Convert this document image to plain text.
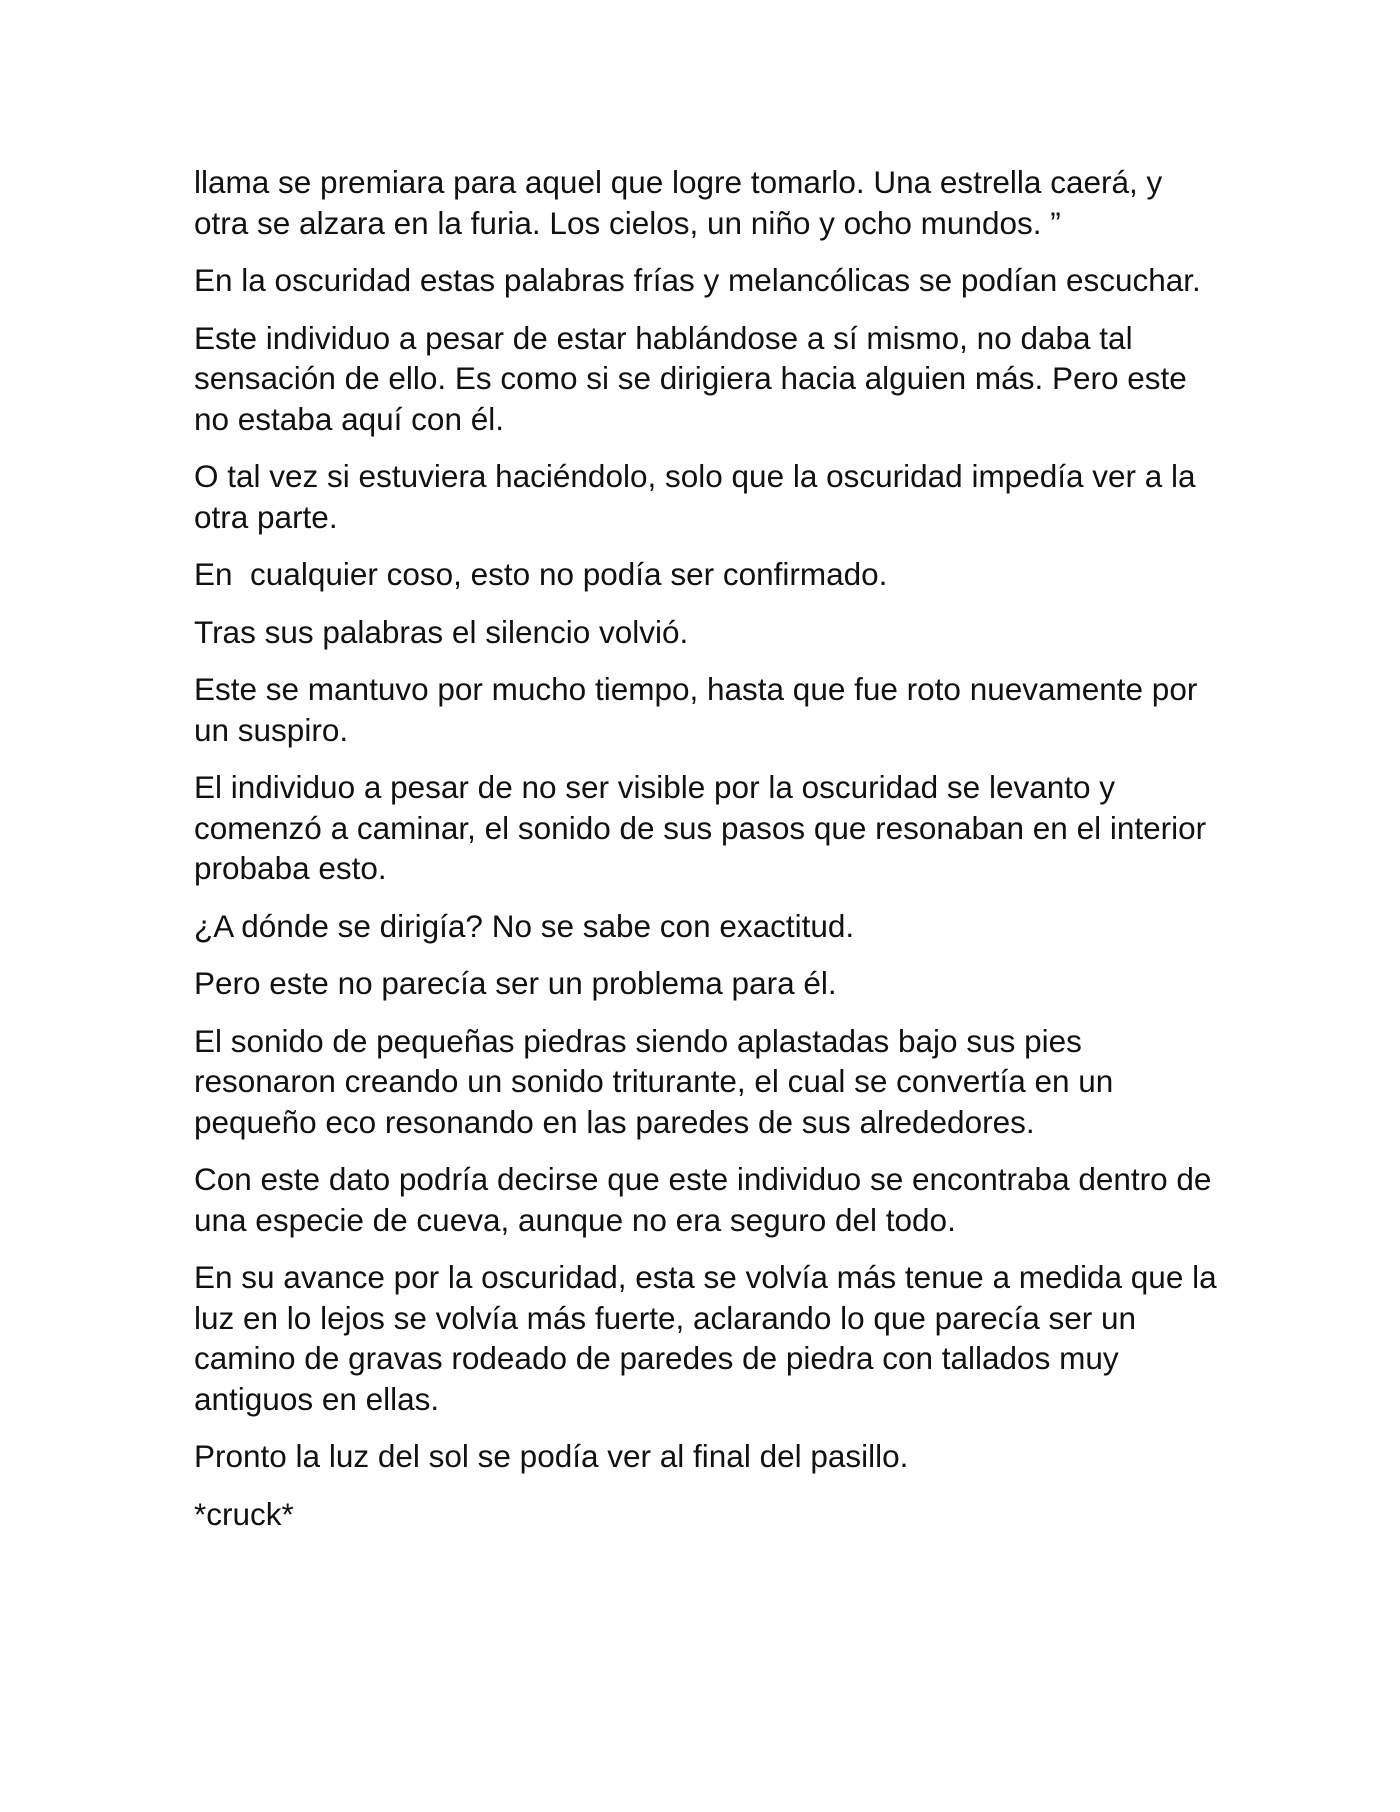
llama se premiara para aquel que logre tomarlo. Una estrella caerá, y otra se alzara en la furia. Los cielos, un niño y ocho mundos. ”

En la oscuridad estas palabras frías y melancólicas se podían escuchar.

Este individuo a pesar de estar hablándose a sí mismo, no daba tal sensación de ello. Es como si se dirigiera hacia alguien más. Pero este no estaba aquí con él.

O tal vez si estuviera haciéndolo, solo que la oscuridad impedía ver a la otra parte.

En  cualquier coso, esto no podía ser confirmado.

Tras sus palabras el silencio volvió.

Este se mantuvo por mucho tiempo, hasta que fue roto nuevamente por un suspiro.

El individuo a pesar de no ser visible por la oscuridad se levanto y comenzó a caminar, el sonido de sus pasos que resonaban en el interior probaba esto.

¿A dónde se dirigía? No se sabe con exactitud.

Pero este no parecía ser un problema para él.

El sonido de pequeñas piedras siendo aplastadas bajo sus pies resonaron creando un sonido triturante, el cual se convertía en un pequeño eco resonando en las paredes de sus alrededores.

Con este dato podría decirse que este individuo se encontraba dentro de una especie de cueva, aunque no era seguro del todo.

En su avance por la oscuridad, esta se volvía más tenue a medida que la luz en lo lejos se volvía más fuerte, aclarando lo que parecía ser un camino de gravas rodeado de paredes de piedra con tallados muy antiguos en ellas.

Pronto la luz del sol se podía ver al final del pasillo.

*cruck*
